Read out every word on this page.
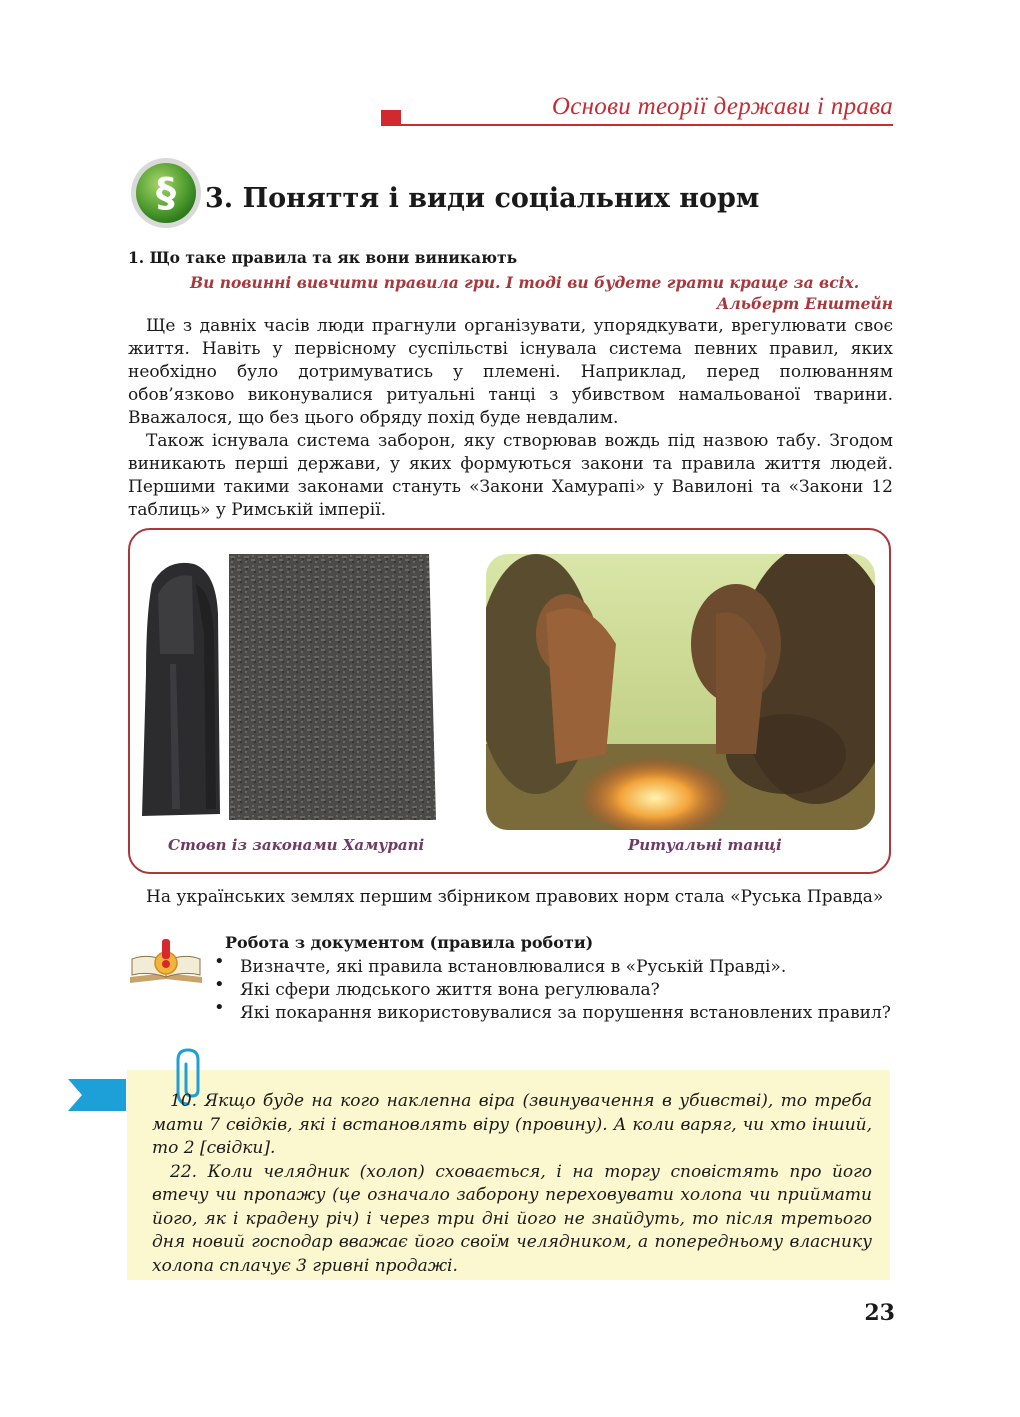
Основи теорії держави і права
§ 3. Поняття і види соціальних норм
1. Що таке правила та як вони виникають
Ви повинні вивчити правила гри. І тоді ви будете грати краще за всіх.
Альберт Енштейн

Ще з давніх часів люди прагнули організувати, упорядкувати, врегулювати своє життя. Навіть у первісному суспільстві існувала система певних правил, яких необхідно було дотримуватись у племені. Наприклад, перед полюванням обов’язково виконувалися ритуальні танці з убивством намальованої тварини. Вважалося, що без цього обряду похід буде невдалим.

Також існувала система заборон, яку створював вождь під назвою табу. Згодом виникають перші держави, у яких формуються закони та правила життя людей. Першими такими законами стануть «Закони Хамурапі» у Вавилоні та «Закони 12 таблиць» у Римській імперії.

Стовп із законами Хамурапі	Ритуальні танці

На українських землях першим збірником правових норм стала «Руська Правда»

Робота з документом (правила роботи)
• Визначте, які правила встановлювалися в «Руській Правді».
• Які сфери людського життя вона регулювала?
• Які покарання використовувалися за порушення встановлених правил?

10. Якщо буде на кого наклепна віра (звинувачення в убивстві), то треба мати 7 свідків, які і встановлять віру (провину). А коли варяг, чи хто інший, то 2 [свідки].

22. Коли челядник (холоп) сховається, і на торгу сповістять про його втечу чи пропажу (це означало заборону переховувати холопа чи приймати його, як і крадену річ) і через три дні його не знайдуть, то після третього дня новий господар вважає його своїм челядником, а попередньому власнику холопа сплачує 3 гривні продажі.

23
